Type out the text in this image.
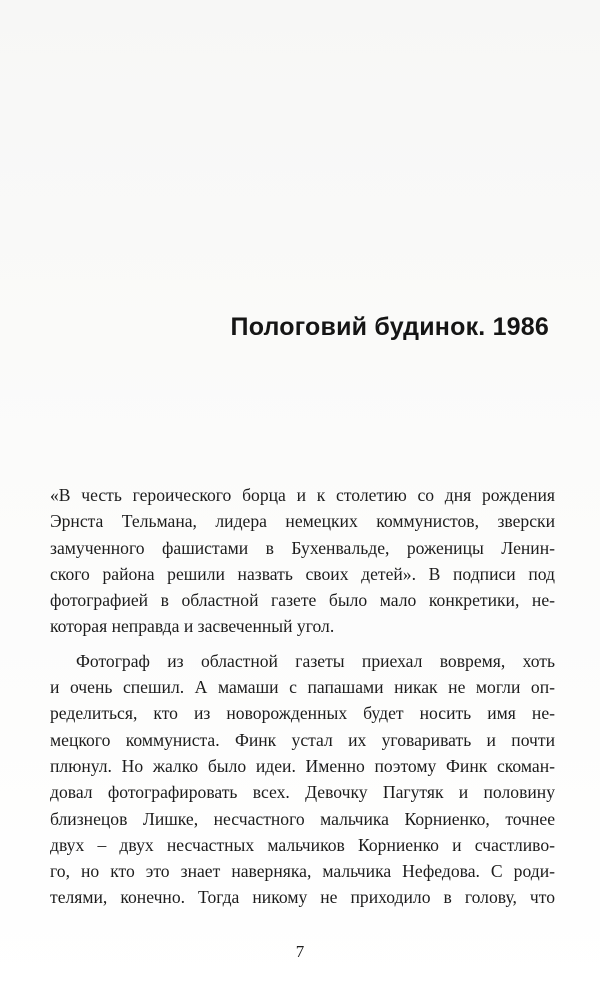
Пологовий будинок. 1986
«В честь героического борца и к столетию со дня рождения
Эрнста Тельмана, лидера немецких коммунистов, зверски
замученного фашистами в Бухенвальде, роженицы Ленин-
ского района решили назвать своих детей». В подписи под
фотографией в областной газете было мало конкретики, не-
которая неправда и засвеченный угол.
Фотограф из областной газеты приехал вовремя, хоть
и очень спешил. А мамаши с папашами никак не могли оп-
ределиться, кто из новорожденных будет носить имя не-
мецкого коммуниста. Финк устал их уговаривать и почти
плюнул. Но жалко было идеи. Именно поэтому Финк скоман-
довал фотографировать всех. Девочку Пагутяк и половину
близнецов Лишке, несчастного мальчика Корниенко, точнее
двух – двух несчастных мальчиков Корниенко и счастливо-
го, но кто это знает наверняка, мальчика Нефедова. С роди-
телями, конечно. Тогда никому не приходило в голову, что
7
